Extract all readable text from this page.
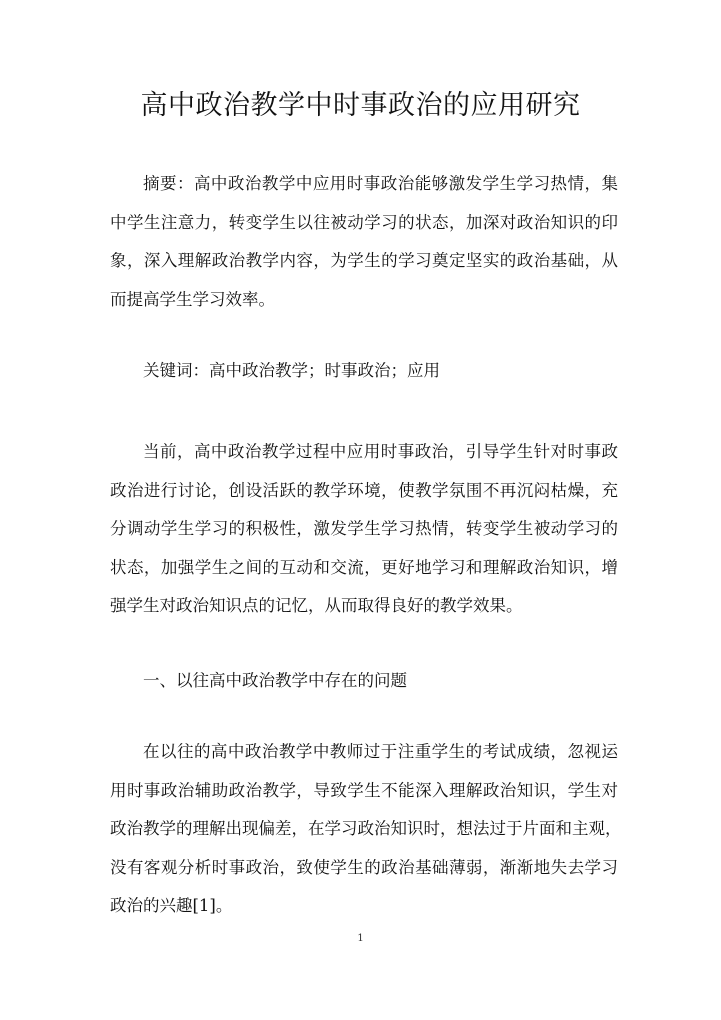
高中政治教学中时事政治的应用研究
摘要：高中政治教学中应用时事政治能够激发学生学习热情，集
中学生注意力，转变学生以往被动学习的状态，加深对政治知识的印
象，深入理解政治教学内容，为学生的学习奠定坚实的政治基础，从
而提高学生学习效率。
关键词：高中政治教学；时事政治；应用
当前，高中政治教学过程中应用时事政治，引导学生针对时事政
政治进行讨论，创设活跃的教学环境，使教学氛围不再沉闷枯燥，充
分调动学生学习的积极性，激发学生学习热情，转变学生被动学习的
状态，加强学生之间的互动和交流，更好地学习和理解政治知识，增
强学生对政治知识点的记忆，从而取得良好的教学效果。
一、以往高中政治教学中存在的问题
在以往的高中政治教学中教师过于注重学生的考试成绩，忽视运
用时事政治辅助政治教学，导致学生不能深入理解政治知识，学生对
政治教学的理解出现偏差，在学习政治知识时，想法过于片面和主观，
没有客观分析时事政治，致使学生的政治基础薄弱，渐渐地失去学习
政治的兴趣[1]。
1
